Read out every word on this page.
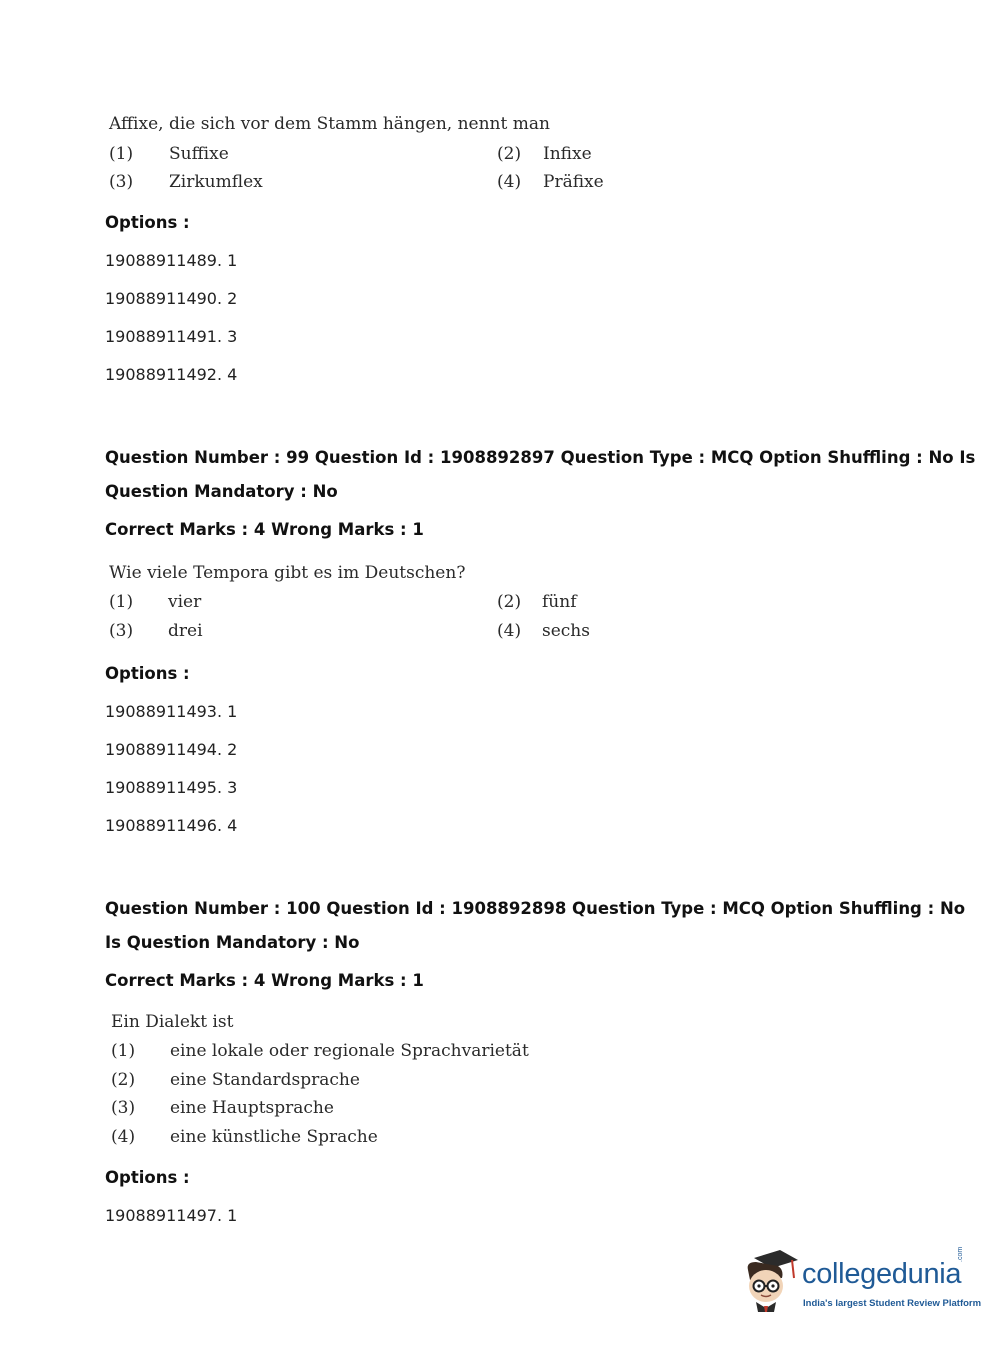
Affixe, die sich vor dem Stamm hängen, nennt man
(1) Suffixe	(2) Infixe
(3) Zirkumflex	(4) Präfixe
Options :
19088911489. 1
19088911490. 2
19088911491. 3
19088911492. 4
Question Number : 99 Question Id : 1908892897 Question Type : MCQ Option Shuffling : No Is
Question Mandatory : No
Correct Marks : 4 Wrong Marks : 1
Wie viele Tempora gibt es im Deutschen?
(1) vier	(2) fünf
(3) drei	(4) sechs
Options :
19088911493. 1
19088911494. 2
19088911495. 3
19088911496. 4
Question Number : 100 Question Id : 1908892898 Question Type : MCQ Option Shuffling : No
Is Question Mandatory : No
Correct Marks : 4 Wrong Marks : 1
Ein Dialekt ist
(1) eine lokale oder regionale Sprachvarietät
(2) eine Standardsprache
(3) eine Hauptsprache
(4) eine künstliche Sprache
Options :
19088911497. 1
collegedunia
.com
India's largest Student Review Platform
